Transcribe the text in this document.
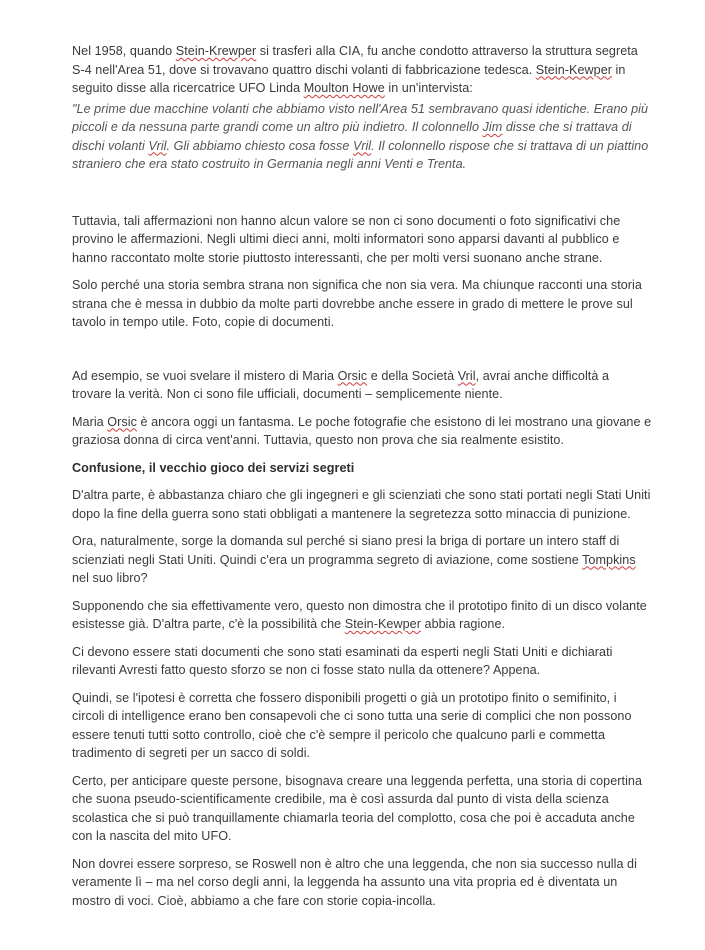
Nel 1958, quando Stein-Krewper si trasferì alla CIA, fu anche condotto attraverso la struttura segreta S-4 nell'Area 51, dove si trovavano quattro dischi volanti di fabbricazione tedesca. Stein-Kewper in seguito disse alla ricercatrice UFO Linda Moulton Howe in un'intervista:

"Le prime due macchine volanti che abbiamo visto nell'Area 51 sembravano quasi identiche. Erano più piccoli e da nessuna parte grandi come un altro più indietro. Il colonnello Jim disse che si trattava di dischi volanti Vril. Gli abbiamo chiesto cosa fosse Vril. Il colonnello rispose che si trattava di un piattino straniero che era stato costruito in Germania negli anni Venti e Trenta.

Tuttavia, tali affermazioni non hanno alcun valore se non ci sono documenti o foto significativi che provino le affermazioni. Negli ultimi dieci anni, molti informatori sono apparsi davanti al pubblico e hanno raccontato molte storie piuttosto interessanti, che per molti versi suonano anche strane.

Solo perché una storia sembra strana non significa che non sia vera. Ma chiunque racconti una storia strana che è messa in dubbio da molte parti dovrebbe anche essere in grado di mettere le prove sul tavolo in tempo utile. Foto, copie di documenti.

Ad esempio, se vuoi svelare il mistero di Maria Orsic e della Società Vril, avrai anche difficoltà a trovare la verità. Non ci sono file ufficiali, documenti – semplicemente niente.

Maria Orsic è ancora oggi un fantasma. Le poche fotografie che esistono di lei mostrano una giovane e graziosa donna di circa vent'anni. Tuttavia, questo non prova che sia realmente esistito.

Confusione, il vecchio gioco dei servizi segreti

D'altra parte, è abbastanza chiaro che gli ingegneri e gli scienziati che sono stati portati negli Stati Uniti dopo la fine della guerra sono stati obbligati a mantenere la segretezza sotto minaccia di punizione.

Ora, naturalmente, sorge la domanda sul perché si siano presi la briga di portare un intero staff di scienziati negli Stati Uniti. Quindi c'era un programma segreto di aviazione, come sostiene Tompkins nel suo libro?

Supponendo che sia effettivamente vero, questo non dimostra che il prototipo finito di un disco volante esistesse già. D'altra parte, c'è la possibilità che Stein-Kewper abbia ragione.

Ci devono essere stati documenti che sono stati esaminati da esperti negli Stati Uniti e dichiarati rilevanti Avresti fatto questo sforzo se non ci fosse stato nulla da ottenere? Appena.

Quindi, se l'ipotesi è corretta che fossero disponibili progetti o già un prototipo finito o semifinito, i circoli di intelligence erano ben consapevoli che ci sono tutta una serie di complici che non possono essere tenuti tutti sotto controllo, cioè che c'è sempre il pericolo che qualcuno parli e commetta tradimento di segreti per un sacco di soldi.

Certo, per anticipare queste persone, bisognava creare una leggenda perfetta, una storia di copertina che suona pseudo-scientificamente credibile, ma è così assurda dal punto di vista della scienza scolastica che si può tranquillamente chiamarla teoria del complotto, cosa che poi è accaduta anche con la nascita del mito UFO.

Non dovrei essere sorpreso, se Roswell non è altro che una leggenda, che non sia successo nulla di veramente lì – ma nel corso degli anni, la leggenda ha assunto una vita propria ed è diventata un mostro di voci. Cioè, abbiamo a che fare con storie copia-incolla.
